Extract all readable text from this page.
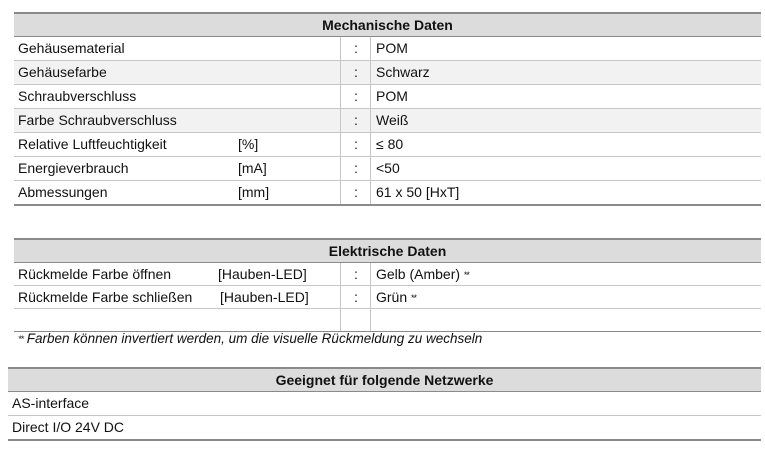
Mechanische Daten
Gehäusematerial	: POM
Gehäusefarbe	: Schwarz
Schraubverschluss	: POM
Farbe Schraubverschluss	: Weiß
Relative Luftfeuchtigkeit	[%]	: ≤ 80
Energieverbrauch	[mA]	: <50
Abmessungen	[mm]	: 61 x 50 [HxT]
Elektrische Daten
Rückmelde Farbe öffnen	[Hauben-LED]	: Gelb (Amber) **
Rückmelde Farbe schließen [Hauben-LED]	: Grün **
** Farben können invertiert werden, um die visuelle Rückmeldung zu wechseln
Geeignet für folgende Netzwerke
AS-interface
Direct I/O 24V DC
